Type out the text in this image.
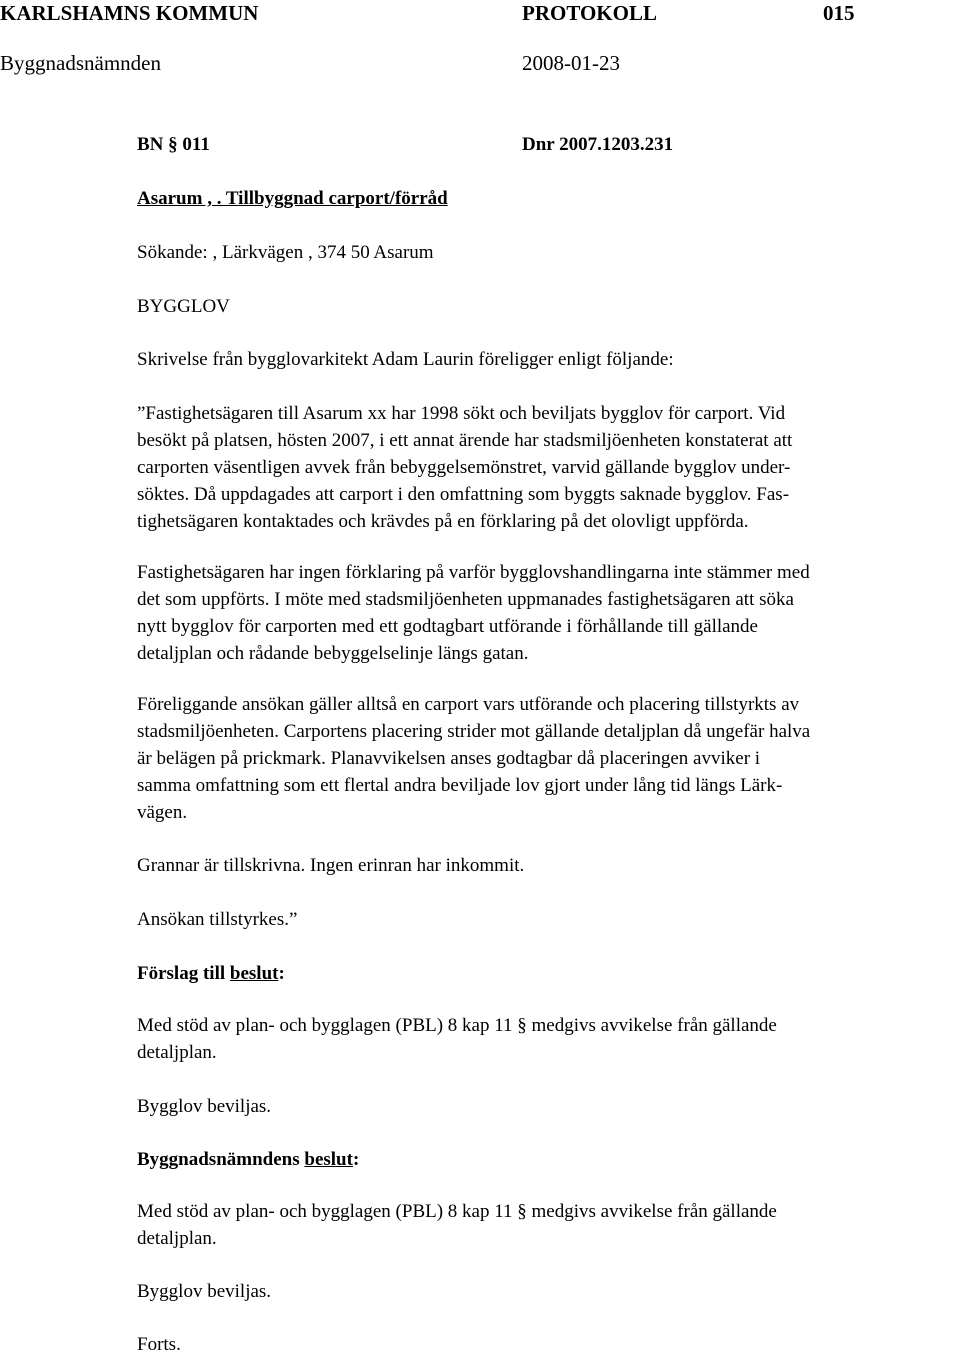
KARLSHAMNS KOMMUN	PROTOKOLL	015
Byggnadsnämnden	2008-01-23
BN § 011	Dnr 2007.1203.231
Asarum , . Tillbyggnad carport/förråd
Sökande: , Lärkvägen , 374 50 Asarum
BYGGLOV
Skrivelse från bygglovarkitekt Adam Laurin föreligger enligt följande:

”Fastighetsägaren till Asarum xx har 1998 sökt och beviljats bygglov för carport. Vid
besökt på platsen, hösten 2007, i ett annat ärende har stadsmiljöenheten konstaterat att
carporten väsentligen avvek från bebyggelsemönstret, varvid gällande bygglov under-
söktes. Då uppdagades att carport i den omfattning som byggts saknade bygglov. Fas-
tighetsägaren kontaktades och krävdes på en förklaring på det olovligt uppförda.

Fastighetsägaren har ingen förklaring på varför bygglovshandlingarna inte stämmer med
det som uppförts. I möte med stadsmiljöenheten uppmanades fastighetsägaren att söka
nytt bygglov för carporten med ett godtagbart utförande i förhållande till gällande
detaljplan och rådande bebyggelselinje längs gatan.

Föreliggande ansökan gäller alltså en carport vars utförande och placering tillstyrkts av
stadsmiljöenheten. Carportens placering strider mot gällande detaljplan då ungefär halva
är belägen på prickmark. Planavvikelsen anses godtagbar då placeringen avviker i
samma omfattning som ett flertal andra beviljade lov gjort under lång tid längs Lärk-
vägen.

Grannar är tillskrivna. Ingen erinran har inkommit.
Ansökan tillstyrkes.”
Förslag till beslut:

Med stöd av plan- och bygglagen (PBL) 8 kap 11 § medgivs avvikelse från gällande
detaljplan.

Bygglov beviljas.
Byggnadsnämndens beslut:

Med stöd av plan- och bygglagen (PBL) 8 kap 11 § medgivs avvikelse från gällande
detaljplan.

Bygglov beviljas.
Forts.
